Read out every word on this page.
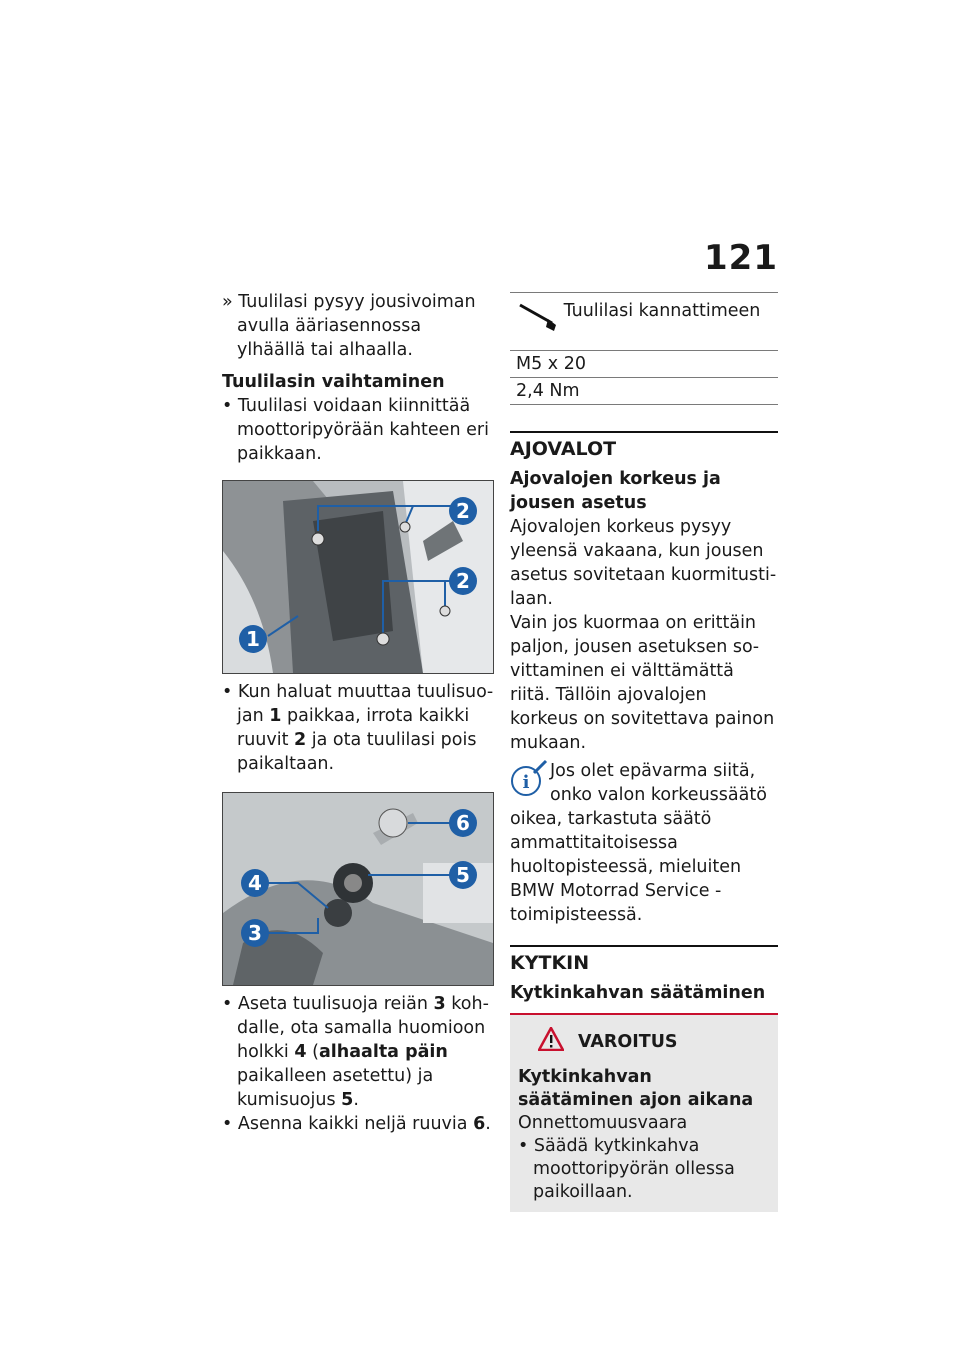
121

» Tuulilasi pysyy jousivoiman avulla ääriasennossa ylhäällä tai alhaalla.

Tuulilasin vaihtaminen

• Tuulilasi voidaan kiinnittää moottoripyörään kahteen eri paikkaan.

2
2
1

• Kun haluat muuttaa tuulisuojan 1 paikkaa, irrota kaikki ruuvit 2 ja ota tuulilasi pois paikaltaan.

6
5
4
3

• Aseta tuulisuoja reiän 3 kohdalle, ota samalla huomioon holkki 4 (alhaalta päin paikalleen asetettu) ja kumisuojus 5.

• Asenna kaikki neljä ruuvia 6.

Tuulilasi kannattimeen
M5 x 20
2,4 Nm
AJOVALOT
Ajovalojen korkeus ja jousen asetus

Ajovalojen korkeus pysyy yleensä vakaana, kun jousen asetus sovitetaan kuormitustilaan.

Vain jos kuormaa on erittäin paljon, jousen asetuksen sovittaminen ei välttämättä riitä. Tällöin ajovalojen korkeus on sovitettava painon mukaan.

i

Jos olet epävarma siitä, onko valon korkeussäätö oikea, tarkastuta säätö ammattitaitoisessa huoltopisteessä, mieluiten BMW Motorrad Service -toimipisteessä.

KYTKIN
Kytkinkahvan säätäminen
VAROITUS
Kytkinkahvan säätäminen ajon aikana
Onnettomuusvaara
• Säädä kytkinkahva moottoripyörän ollessa paikoillaan.
